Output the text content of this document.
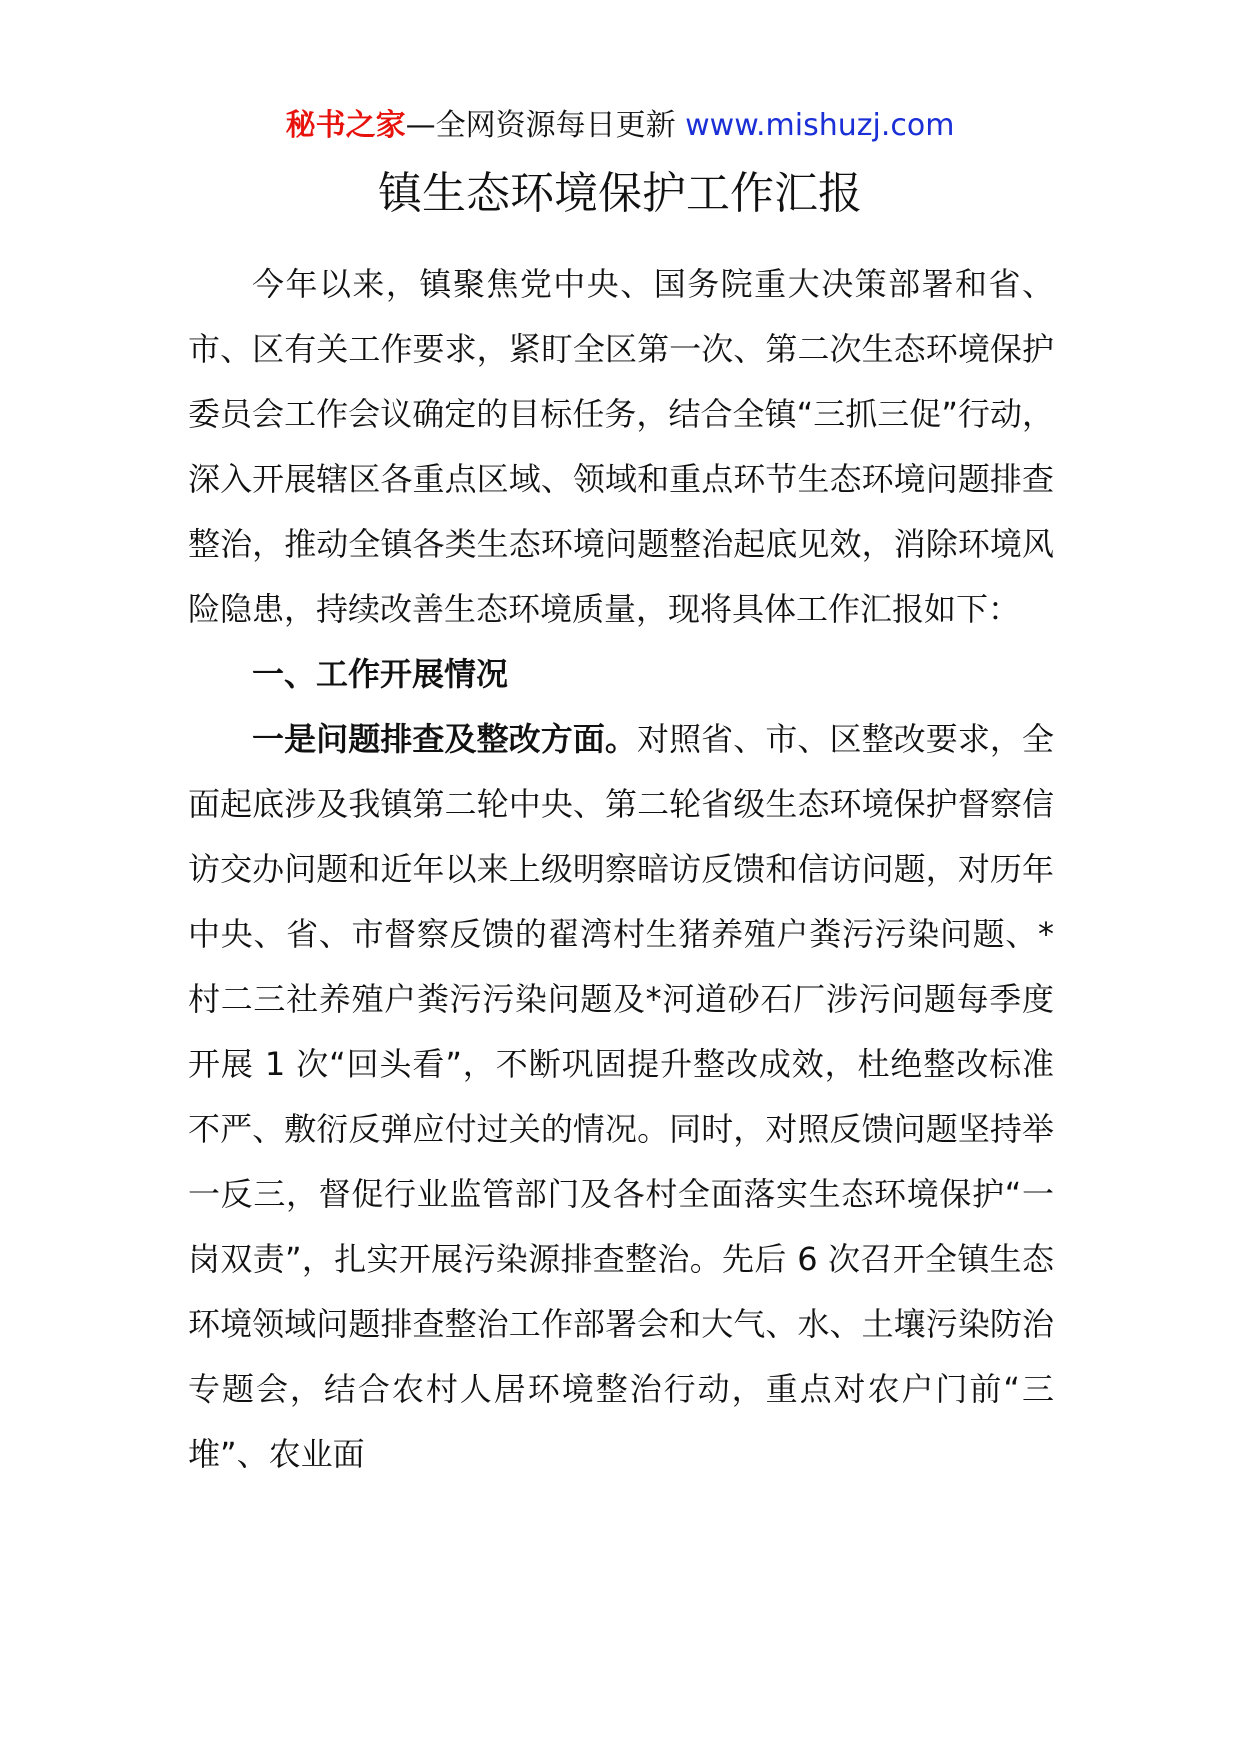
秘书之家—全网资源每日更新 www.mishuzj.com
镇生态环境保护工作汇报

今年以来，镇聚焦党中央、国务院重大决策部署和省、市、区有关工作要求，紧盯全区第一次、第二次生态环境保护委员会工作会议确定的目标任务，结合全镇“三抓三促”行动，深入开展辖区各重点区域、领域和重点环节生态环境问题排查整治，推动全镇各类生态环境问题整治起底见效，消除环境风险隐患，持续改善生态环境质量，现将具体工作汇报如下：

一、工作开展情况

一是问题排查及整改方面。对照省、市、区整改要求，全面起底涉及我镇第二轮中央、第二轮省级生态环境保护督察信访交办问题和近年以来上级明察暗访反馈和信访问题，对历年中央、省、市督察反馈的翟湾村生猪养殖户粪污污染问题、*村二三社养殖户粪污污染问题及*河道砂石厂涉污问题每季度开展 1 次“回头看”，不断巩固提升整改成效，杜绝整改标准不严、敷衍反弹应付过关的情况。同时，对照反馈问题坚持举一反三，督促行业监管部门及各村全面落实生态环境保护“一岗双责”，扎实开展污染源排查整治。先后 6 次召开全镇生态环境领域问题排查整治工作部署会和大气、水、土壤污染防治专题会，结合农村人居环境整治行动，重点对农户门前“三堆”、农业面
